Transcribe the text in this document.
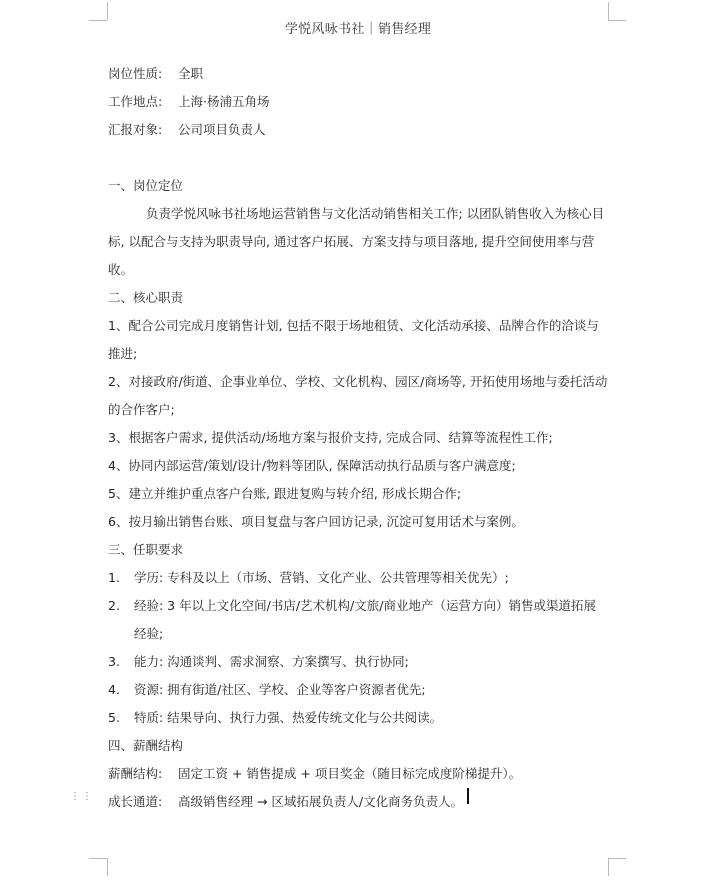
学悦风咏书社｜销售经理
岗位性质:	全职
工作地点:	上海·杨浦五角场
汇报对象:	公司项目负责人
一、岗位定位
负责学悦风咏书社场地运营销售与文化活动销售相关工作; 以团队销售收入为核心目标, 以配合与支持为职责导向, 通过客户拓展、方案支持与项目落地, 提升空间使用率与营收。
二、核心职责
1、配合公司完成月度销售计划, 包括不限于场地租赁、文化活动承接、品牌合作的洽谈与推进;
2、对接政府/街道、企事业单位、学校、文化机构、园区/商场等, 开拓使用场地与委托活动的合作客户;
3、根据客户需求, 提供活动/场地方案与报价支持, 完成合同、结算等流程性工作;
4、协同内部运营/策划/设计/物料等团队, 保障活动执行品质与客户满意度;
5、建立并维护重点客户台账, 跟进复购与转介绍, 形成长期合作;
6、按月输出销售台账、项目复盘与客户回访记录, 沉淀可复用话术与案例。
三、任职要求
1.	学历: 专科及以上（市场、营销、文化产业、公共管理等相关优先）;
2.	经验: 3 年以上文化空间/书店/艺术机构/文旅/商业地产（运营方向）销售或渠道拓展经验;
3.	能力: 沟通谈判、需求洞察、方案撰写、执行协同;
4.	资源: 拥有街道/社区、学校、企业等客户资源者优先;
5.	特质: 结果导向、执行力强、热爱传统文化与公共阅读。
四、薪酬结构
薪酬结构:	固定工资 + 销售提成 + 项目奖金（随目标完成度阶梯提升）。
成长通道:	高级销售经理 → 区域拓展负责人/文化商务负责人。
⋮⋮
